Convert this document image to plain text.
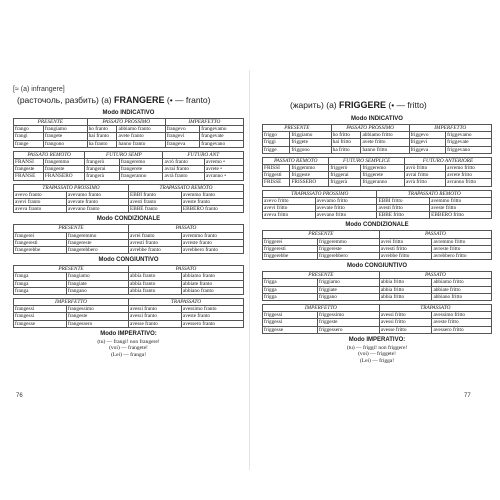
[≈ (a) infrangere]
(расточоль, разбить) (a) FRANGERE (• — franto)
Modo INDICATIVO
PRESENTE		PASSATO PROSSIMO		IMPERFETTO	
frango	frangiamo	ho franto	abbiamo franto	frangevo	frangevamo
frangi	frangete	hai franto	avete franto	frangevi	frangevate
frange	frangono	ha franto	hanno franto	frangeva	frangevano
PASSATO REMOTO		FUTURO SEMP		FUTURO ANT	
FRANSI	frangemmo	frangerò	frangeremo	avrò franto	avremo •
frangeste	frangeste	frangerai	frangerete	avrai franto	avrete •
FRANSE	FRANSERO	frangerà	frangeranno	avrà franto	avranno •
TRAPASSATO PROSSIMO		TRAPASSATO REMOTO	
avevo franto	avevamo franto	EBBI franto	avemmo franto
avevi franto	avevate franto	avesti franto	aveste franto
aveva franto	avevano franto	EBBE franto	EBBERO franto
Modo CONDIZIONALE
PRESENTE		PASSATO	
frangerei	frangeremmo	avrei franto	avremmo franto
frangeresti	frangereste	avresti franto	avreste franto
frangerebbe	frangerebbero	avrebbe franto	avrebbero franto
Modo CONGIUNTIVO
PRESENTE		PASSATO	
franga	frangiamo	abbia franto	abbiamo franto
franga	frangiate	abbia franto	abbiate franto
franga	frangano	abbia franto	abbiano franto
IMPERFETTO		TRAPASSATO	
frangessi	frangessimo	avessi franto	avessimo franto
frangessi	frangeste	avessi franto	aveste franto
frangesse	frangessero	avesse franto	avessero franto
Modo IMPERATIVO:
(tu) — frangi! non frangere!
(voi) — frangete!
(Lei) — franga!
76
(жарить) (a) FRIGGERE (• — fritto)
Modo INDICATIVO
PRESENTE		PASSATO PROSSIMO		IMPERFETTO	
friggo	friggiamo	ho fritto	abbiamo fritto	friggevo	friggevamo
friggi	friggete	hai fritto	avete fritto	friggevi	friggevate
frigge	friggono	ha fritto	hanno fritto	friggeva	friggevano
PASSATO REMOTO		FUTURO SEMPLICE		FUTURO ANTERIORE	
FRISSI	friggemmo	friggerò	friggeremo	avrò fritto	avremo fritto
friggesti	friggeste	friggerai	friggerete	avrai fritto	avrete fritto
FRISSE	FRISSERO	friggerà	friggeranno	avrà fritto	avranno fritto
TRAPASSATO PROSSIMO		TRAPASSATO REMOTO	
avevo fritto	avevamo fritto	EBBI fritto	avemmo fritto
avevi fritto	avevate fritto	avesti fritto	aveste fritto
aveva fritto	avevano fritto	EBBE fritto	EBBERO fritto
Modo CONDIZIONALE
PRESENTE		PASSATO	
friggerei	friggeremmo	avrei fritto	avremmo fritto
friggeresti	friggereste	avresti fritto	avreste fritto
friggerebbe	friggerebbero	avrebbe fritto	avrebbero fritto
Modo CONGIUNTIVO
PRESENTE		PASSATO	
frigga	friggiamo	abbia fritto	abbiamo fritto
frigga	friggiate	abbia fritto	abbiate fritto
frigga	friggano	abbia fritto	abbiano fritto
IMPERFETTO		TRAPASSATO	
friggessi	friggessimo	avessi fritto	avessimo fritto
friggessi	friggeste	avessi fritto	aveste fritto
friggesse	friggessero	avesse fritto	avessero fritto
Modo IMPERATIVO:
(tu) — friggi! non friggere!
(voi) — friggete!
(Lei) — frigga!
77
